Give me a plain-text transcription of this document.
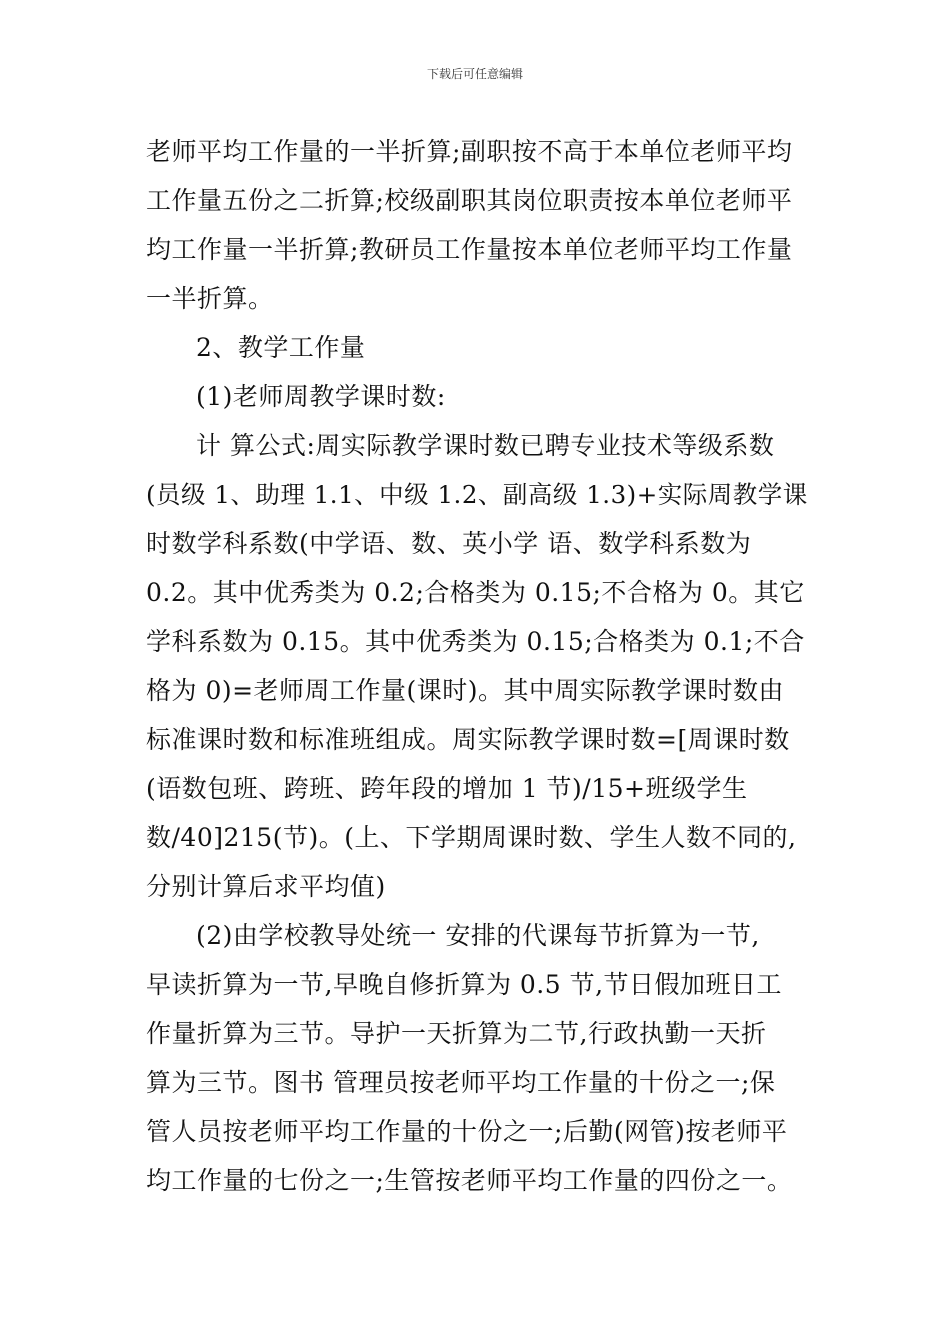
下载后可任意编辑
老师平均工作量的一半折算;副职按不高于本单位老师平均
工作量五份之二折算;校级副职其岗位职责按本单位老师平
均工作量一半折算;教研员工作量按本单位老师平均工作量
一半折算。
2、教学工作量
(1)老师周教学课时数:
计 算公式:周实际教学课时数已聘专业技术等级系数
(员级 1、助理 1.1、中级 1.2、副高级 1.3)+实际周教学课
时数学科系数(中学语、数、英小学 语、数学科系数为
0.2。其中优秀类为 0.2;合格类为 0.15;不合格为 0。其它
学科系数为 0.15。其中优秀类为 0.15;合格类为 0.1;不合
格为 0)=老师周工作量(课时)。其中周实际教学课时数由
标准课时数和标准班组成。周实际教学课时数=[周课时数
(语数包班、跨班、跨年段的增加 1 节)/15+班级学生
数/40]215(节)。(上、下学期周课时数、学生人数不同的,
分别计算后求平均值)
(2)由学校教导处统一 安排的代课每节折算为一节,
早读折算为一节,早晚自修折算为 0.5 节,节日假加班日工
作量折算为三节。导护一天折算为二节,行政执勤一天折
算为三节。图书 管理员按老师平均工作量的十份之一;保
管人员按老师平均工作量的十份之一;后勤(网管)按老师平
均工作量的七份之一;生管按老师平均工作量的四份之一。
